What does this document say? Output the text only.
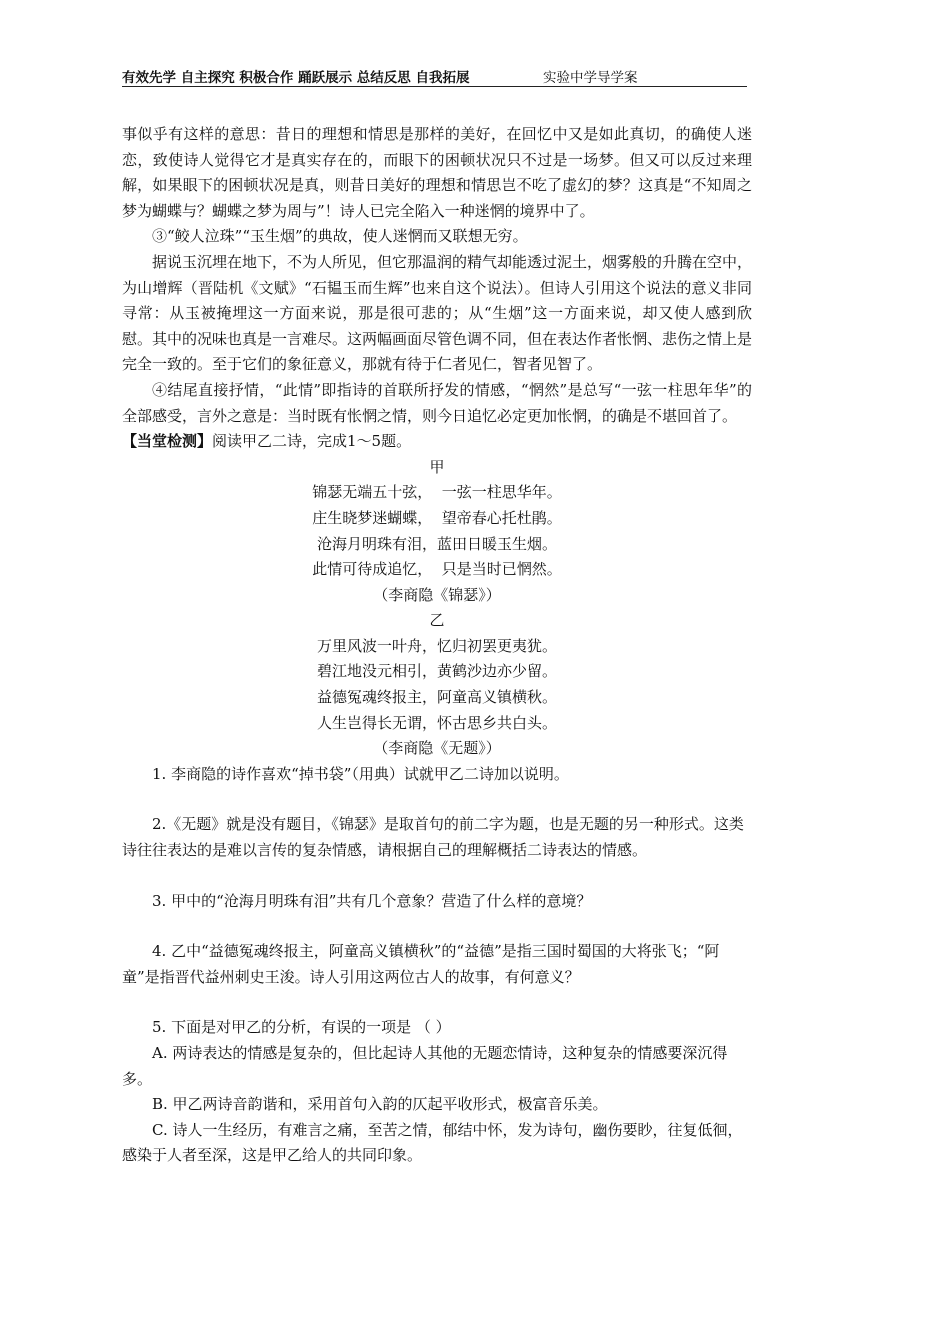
有效先学 自主探究 积极合作 踊跃展示 总结反思 自我拓展	实验中学导学案

事似乎有这样的意思：昔日的理想和情思是那样的美好，在回忆中又是如此真切，的确使人迷恋，致使诗人觉得它才是真实存在的，而眼下的困顿状况只不过是一场梦。但又可以反过来理解，如果眼下的困顿状况是真，则昔日美好的理想和情思岂不吃了虚幻的梦？这真是“不知周之梦为蝴蝶与？蝴蝶之梦为周与”！诗人已完全陷入一种迷惘的境界中了。

③“鲛人泣珠”“玉生烟”的典故，使人迷惘而又联想无穷。

据说玉沉埋在地下，不为人所见，但它那温润的精气却能透过泥土，烟雾般的升腾在空中，为山增辉（晋陆机《文赋》“石韫玉而生辉”也来自这个说法）。但诗人引用这个说法的意义非同寻常：从玉被掩埋这一方面来说，那是很可悲的；从“生烟”这一方面来说，却又使人感到欣慰。其中的况味也真是一言难尽。这两幅画面尽管色调不同，但在表达作者怅惘、悲伤之情上是完全一致的。至于它们的象征意义，那就有待于仁者见仁，智者见智了。

④结尾直接抒情，“此情”即指诗的首联所抒发的情感，“惘然”是总写“一弦一柱思年华”的全部感受，言外之意是：当时既有怅惘之情，则今日追忆必定更加怅惘，的确是不堪回首了。

【当堂检测】阅读甲乙二诗，完成1～5题。

甲
锦瑟无端五十弦，  一弦一柱思华年。
庄生晓梦迷蝴蝶，  望帝春心托杜鹃。
沧海月明珠有泪，蓝田日暖玉生烟。
此情可待成追忆，  只是当时已惘然。
（李商隐《锦瑟》）
乙
万里风波一叶舟，忆归初罢更夷犹。
碧江地没元相引，黄鹤沙边亦少留。
益德冤魂终报主，阿童高义镇横秋。
人生岂得长无谓，怀古思乡共白头。
（李商隐《无题》）

1. 李商隐的诗作喜欢“掉书袋”（用典）试就甲乙二诗加以说明。

2.《无题》就是没有题目，《锦瑟》是取首句的前二字为题，也是无题的另一种形式。这类诗往往表达的是难以言传的复杂情感，请根据自己的理解概括二诗表达的情感。

3. 甲中的“沧海月明珠有泪”共有几个意象？营造了什么样的意境？

4. 乙中“益德冤魂终报主，阿童高义镇横秋”的“益德”是指三国时蜀国的大将张飞；“阿童”是指晋代益州刺史王浚。诗人引用这两位古人的故事，有何意义？

5. 下面是对甲乙的分析，有误的一项是 （ ）

A. 两诗表达的情感是复杂的，但比起诗人其他的无题恋情诗，这种复杂的情感要深沉得多。

B. 甲乙两诗音韵谐和，采用首句入韵的仄起平收形式，极富音乐美。

C. 诗人一生经历，有难言之痛，至苦之情，郁结中怀，发为诗句，幽伤要眇，往复低徊，感染于人者至深，这是甲乙给人的共同印象。
